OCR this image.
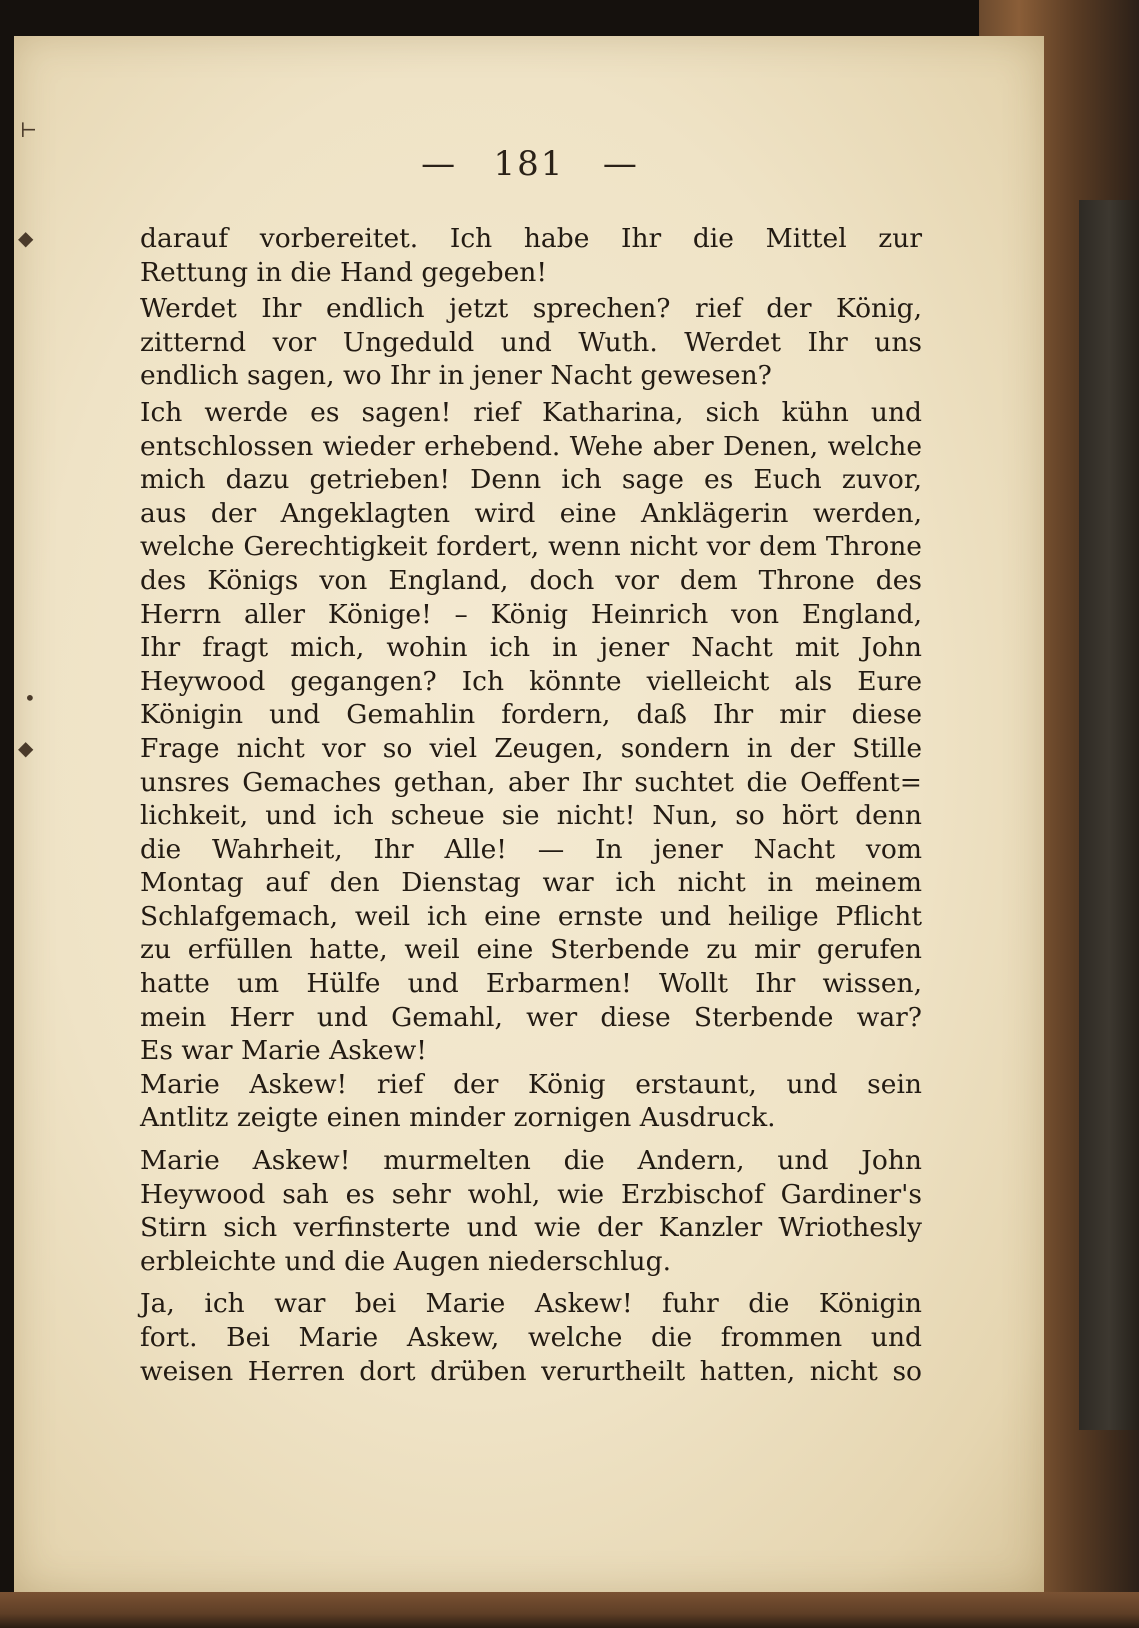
⊢
◆
•
◆
— 181 —
darauf vorbereitet. Ich habe Ihr die Mittel zur
Rettung in die Hand gegeben!
Werdet Ihr endlich jetzt sprechen? rief der König,
zitternd vor Ungeduld und Wuth. Werdet Ihr uns
endlich sagen, wo Ihr in jener Nacht gewesen?
Ich werde es sagen! rief Katharina, sich kühn und
entschlossen wieder erhebend. Wehe aber Denen, welche
mich dazu getrieben! Denn ich sage es Euch zuvor,
aus der Angeklagten wird eine Anklägerin werden,
welche Gerechtigkeit fordert, wenn nicht vor dem Throne
des Königs von England, doch vor dem Throne des
Herrn aller Könige! – König Heinrich von England,
Ihr fragt mich, wohin ich in jener Nacht mit John
Heywood gegangen? Ich könnte vielleicht als Eure
Königin und Gemahlin fordern, daß Ihr mir diese
Frage nicht vor so viel Zeugen, sondern in der Stille
unsres Gemaches gethan, aber Ihr suchtet die Oeffent=
lichkeit, und ich scheue sie nicht! Nun, so hört denn
die Wahrheit, Ihr Alle! — In jener Nacht vom
Montag auf den Dienstag war ich nicht in meinem
Schlafgemach, weil ich eine ernste und heilige Pflicht
zu erfüllen hatte, weil eine Sterbende zu mir gerufen
hatte um Hülfe und Erbarmen! Wollt Ihr wissen,
mein Herr und Gemahl, wer diese Sterbende war?
Es war Marie Askew!
Marie Askew! rief der König erstaunt, und sein
Antlitz zeigte einen minder zornigen Ausdruck.
Marie Askew! murmelten die Andern, und John
Heywood sah es sehr wohl, wie Erzbischof Gardiner's
Stirn sich verfinsterte und wie der Kanzler Wriothesly
erbleichte und die Augen niederschlug.
Ja, ich war bei Marie Askew! fuhr die Königin
fort. Bei Marie Askew, welche die frommen und
weisen Herren dort drüben verurtheilt hatten, nicht so
